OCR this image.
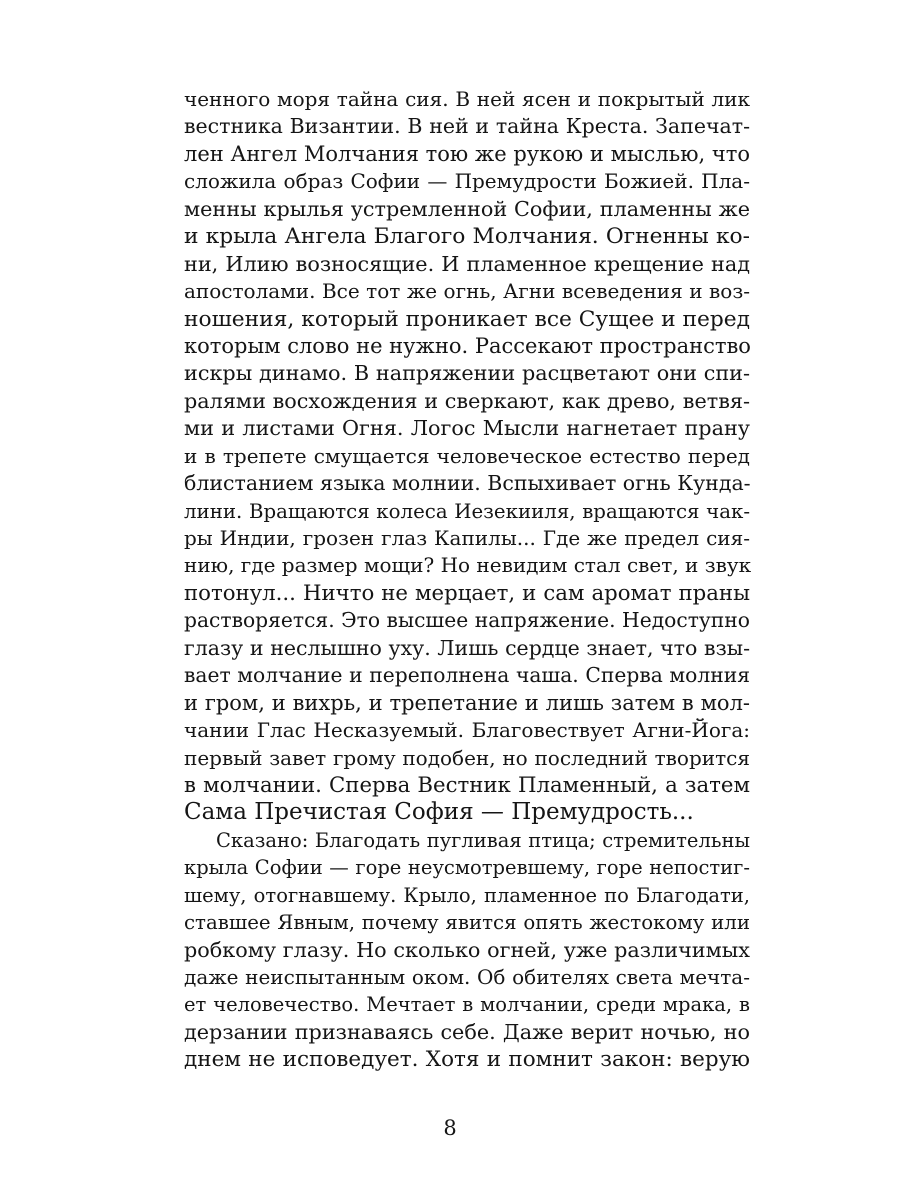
ченного моря тайна сия. В ней ясен и покрытый лик
вестника Византии. В ней и тайна Креста. Запечат-
лен Ангел Молчания тою же рукою и мыслью, что
сложила образ Софии — Премудрости Божией. Пла-
менны крылья устремленной Софии, пламенны же
и крыла Ангела Благого Молчания. Огненны ко-
ни, Илию возносящие. И пламенное крещение над
апостолами. Все тот же огнь, Агни всеведения и воз-
ношения, который проникает все Сущее и перед
которым слово не нужно. Рассекают пространство
искры динамо. В напряжении расцветают они спи-
ралями восхождения и сверкают, как древо, ветвя-
ми и листами Огня. Логос Мысли нагнетает прану
и в трепете смущается человеческое естество перед
блистанием языка молнии. Вспыхивает огнь Кунда-
лини. Вращаются колеса Иезекииля, вращаются чак-
ры Индии, грозен глаз Капилы... Где же предел сия-
нию, где размер мощи? Но невидим стал свет, и звук
потонул... Ничто не мерцает, и сам аромат праны
растворяется. Это высшее напряжение. Недоступно
глазу и неслышно уху. Лишь сердце знает, что взы-
вает молчание и переполнена чаша. Сперва молния
и гром, и вихрь, и трепетание и лишь затем в мол-
чании Глас Несказуемый. Благовествует Агни-Йога:
первый завет грому подобен, но последний творится
в молчании. Сперва Вестник Пламенный, а затем
Сама Пречистая София — Премудрость...
Сказано: Благодать пугливая птица; стремительны
крыла Софии — горе неусмотревшему, горе непостиг-
шему, отогнавшему. Крыло, пламенное по Благодати,
ставшее Явным, почему явится опять жестокому или
робкому глазу. Но сколько огней, уже различимых
даже неиспытанным оком. Об обителях света мечта-
ет человечество. Мечтает в молчании, среди мрака, в
дерзании признаваясь себе. Даже верит ночью, но
днем не исповедует. Хотя и помнит закон: верую
8
